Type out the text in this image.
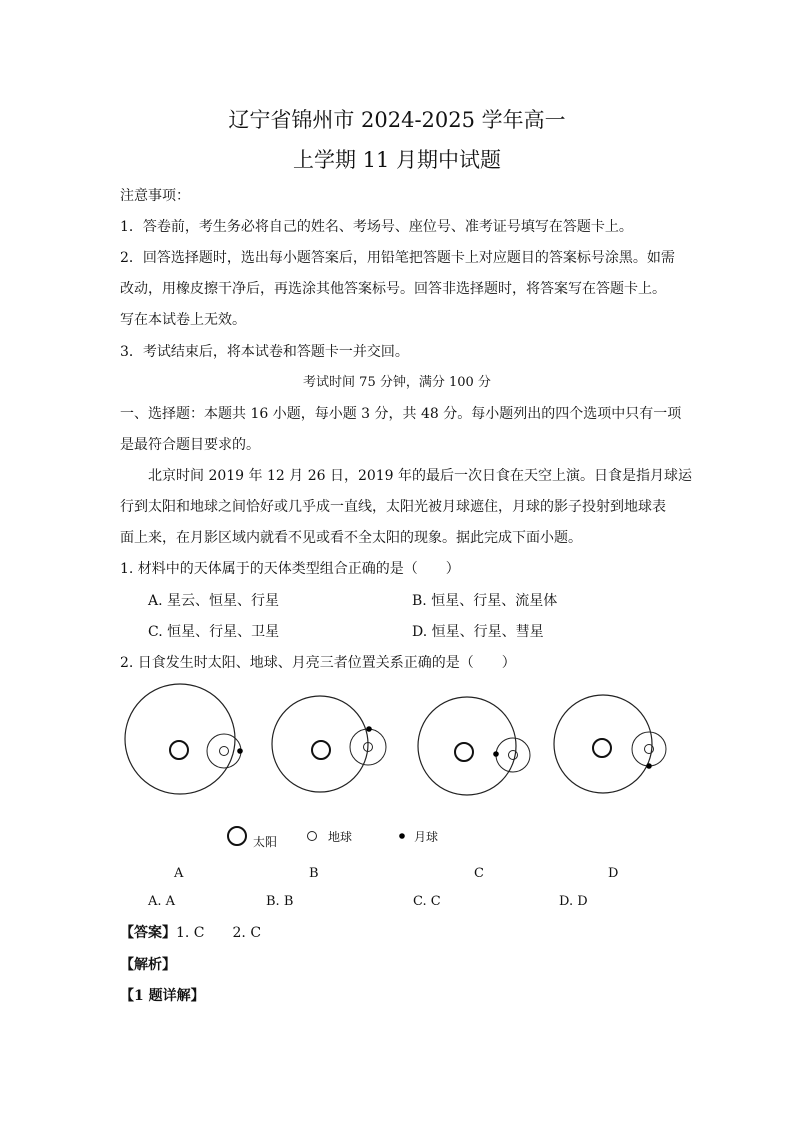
辽宁省锦州市 2024-2025 学年高一
上学期 11 月期中试题
注意事项：
1．答卷前，考生务必将自己的姓名、考场号、座位号、准考证号填写在答题卡上。
2．回答选择题时，选出每小题答案后，用铅笔把答题卡上对应题目的答案标号涂黑。如需
改动，用橡皮擦干净后，再选涂其他答案标号。回答非选择题时，将答案写在答题卡上。
写在本试卷上无效。
3．考试结束后，将本试卷和答题卡一并交回。
考试时间 75 分钟，满分 100 分
一、选择题：本题共 16 小题，每小题 3 分，共 48 分。每小题列出的四个选项中只有一项
是最符合题目要求的。
北京时间 2019 年 12 月 26 日，2019 年的最后一次日食在天空上演。日食是指月球运
行到太阳和地球之间恰好或几乎成一直线，太阳光被月球遮住，月球的影子投射到地球表
面上来，在月影区域内就看不见或看不全太阳的现象。据此完成下面小题。
1. 材料中的天体属于的天体类型组合正确的是（　　）
A. 星云、恒星、行星	B. 恒星、行星、流星体
C. 恒星、行星、卫星	D. 恒星、行星、彗星
2. 日食发生时太阳、地球、月亮三者位置关系正确的是（　　）
太阳	地球	月球
A	B	C	D
A. A	B. B	C. C	D. D
【答案】1. C　　2. C
【解析】
【1 题详解】
